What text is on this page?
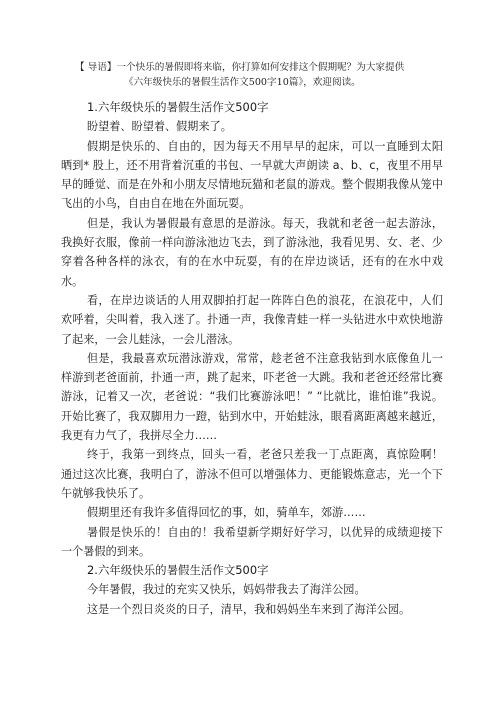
【 导语】一个快乐的暑假即将来临，你打算如何安排这个假期呢？为大家提供
《六年级快乐的暑假生活作文500字10篇》，欢迎阅读。

1.六年级快乐的暑假生活作文500字

盼望着、盼望着、假期来了。

假期是快乐的、自由的，因为每天不用早早的起床，可以一直睡到太阳晒到* 股上，还不用背着沉重的书包、一早就大声朗读 a、b、c，夜里不用早早的睡觉、而是在外和小朋友尽情地玩猫和老鼠的游戏。整个假期我像从笼中飞出的小鸟，自由自在地在外面玩耍。

但是，我认为暑假最有意思的是游泳。每天，我就和老爸一起去游泳，我换好衣服，像前一样向游泳池边飞去，到了游泳池，我看见男、女、老、少穿着各种各样的泳衣，有的在水中玩耍，有的在岸边谈话，还有的在水中戏水。

看，在岸边谈话的人用双脚拍打起一阵阵白色的浪花，在浪花中，人们欢呼着，尖叫着，我入迷了。扑通一声，我像青蛙一样一头钻进水中欢快地游了起来，一会儿蛙泳，一会儿潜泳。

但是，我最喜欢玩潜泳游戏，常常，趁老爸不注意我钻到水底像鱼儿一样游到老爸面前，扑通一声，跳了起来，吓老爸一大跳。我和老爸还经常比赛游泳，记着又一次，老爸说：“我们比赛游泳吧！” “比就比，谁怕谁”我说。开始比赛了，我双脚用力一蹬，钻到水中，开始蛙泳，眼看离距离越来越近，我更有力气了，我拼尽全力……

终于，我第一到终点，回头一看，老爸只差我一丁点距离，真惊险啊！通过这次比赛，我明白了，游泳不但可以增强体力、更能锻炼意志，光一个下午就够我快乐了。

假期里还有我许多值得回忆的事，如，骑单车，郊游……

暑假是快乐的！自由的！我希望新学期好好学习，以优异的成绩迎接下一个暑假的到来。

2.六年级快乐的暑假生活作文500字

今年暑假，我过的充实又快乐，妈妈带我去了海洋公园。

这是一个烈日炎炎的日子，清早，我和妈妈坐车来到了海洋公园。
